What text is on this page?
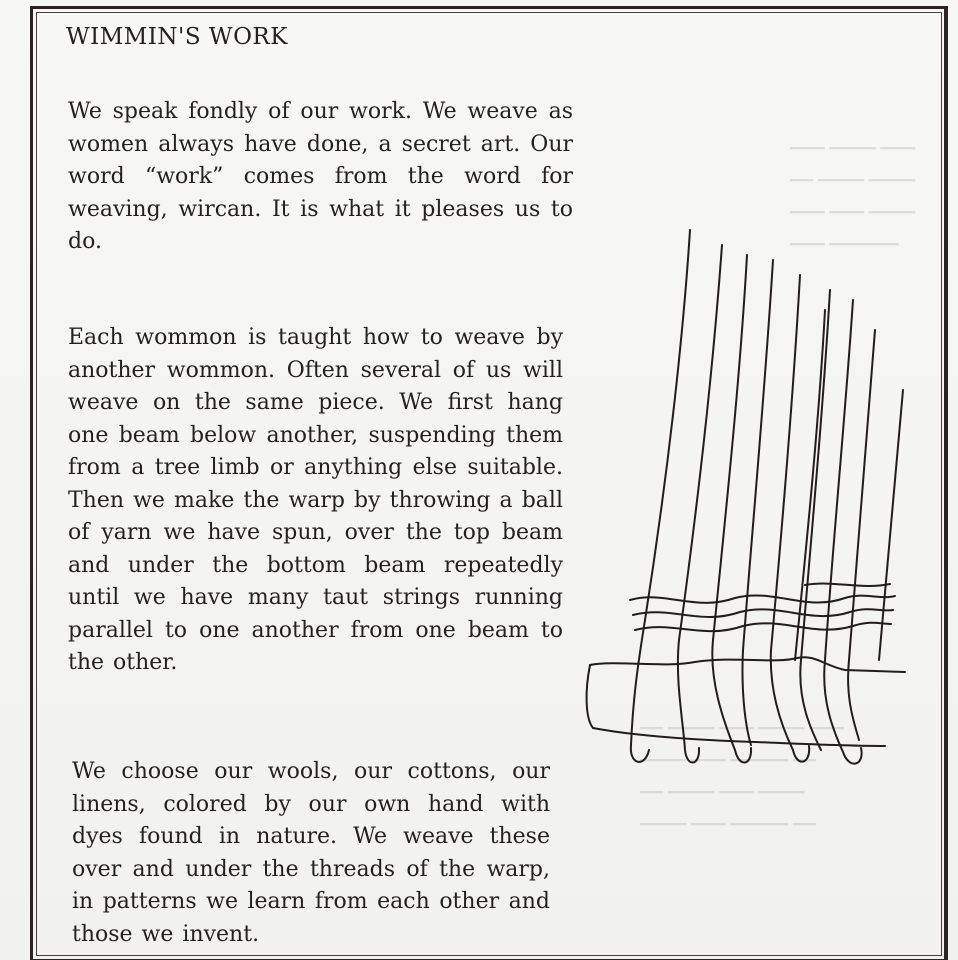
▔▔▔ ▔▔▔▔ ▔▔▔
▔▔ ▔▔▔▔ ▔▔▔▔
▔▔▔ ▔▔▔ ▔▔▔▔
▔▔▔ ▔▔▔▔▔▔
▔▔ ▔▔▔▔ ▔▔▔ ▔▔▔▔ ▔▔▔
▔▔▔▔ ▔▔▔ ▔▔▔▔▔ ▔▔
▔▔ ▔▔▔▔ ▔▔▔ ▔▔▔▔
▔▔▔▔ ▔▔▔ ▔▔▔▔▔ ▔▔
WIMMIN'S WORK

We speak fondly of our work. We weave as women always have done, a secret art. Our word “work” comes from the word for weaving, wircan. It is what it pleases us to do.

Each wommon is taught how to weave by another wommon. Often several of us will weave on the same piece. We first hang one beam below another, suspending them from a tree limb or anything else suitable. Then we make the warp by throwing a ball of yarn we have spun, over the top beam and under the bottom beam repeatedly until we have many taut strings running parallel to one another from one beam to the other.

We choose our wools, our cottons, our linens, colored by our own hand with dyes found in nature. We weave these over and under the threads of the warp, in patterns we learn from each other and those we invent.
